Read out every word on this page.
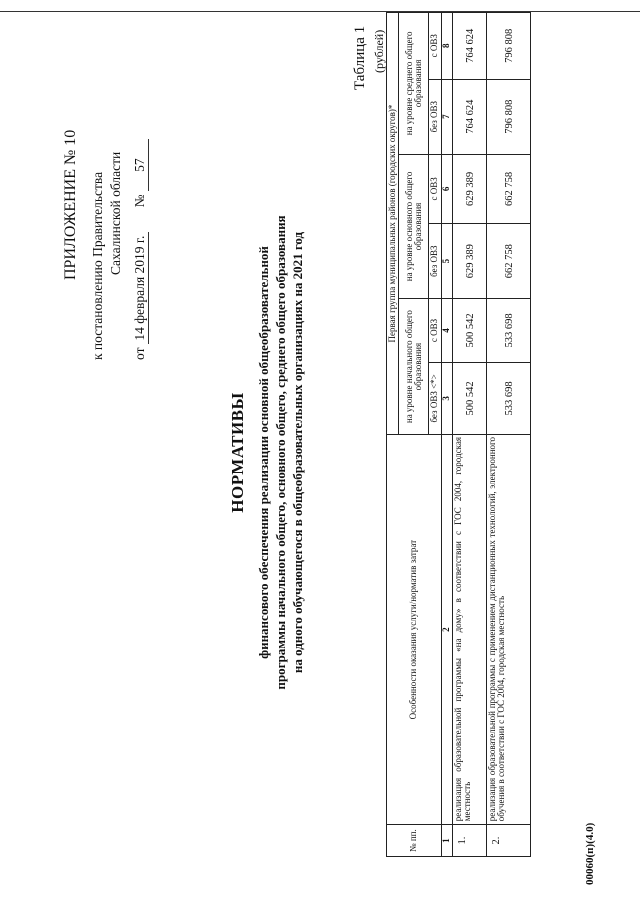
ПРИЛОЖЕНИЕ № 10 к постановлению Правительства Сахалинской области
от 14 февраля 2019 г.  № 57
НОРМАТИВЫ финансового обеспечения реализации основной общеобразовательной программы начального общего, основного общего, среднего общего образования на одного обучающегося в общеобразовательных организациях на 2021 год
Таблица 1 (рублей)
№ пп.	Особенности оказания услуги/норматив затрат	Первая группа муниципальных районов (городских округов)*					
		на уровне начального общего образования		на уровне основного общего образования		на уровне среднего общего образования	
		без ОВЗ <*>	с ОВЗ	без ОВЗ	с ОВЗ	без ОВЗ	с ОВЗ
1	2	3	4	5	6	7	8
1.	реализация образовательной программы «на дому» в соответствии с ГОС 2004, городская местность	500 542	500 542	629 389	629 389	764 624	764 624
2.	реализация образовательной программы с применением дистанционных технологий, электронного обучения в соответствии с ГОС 2004, городская местность	533 698	533 698	662 758	662 758	796 808	796 808
00060(п)(4.0)
